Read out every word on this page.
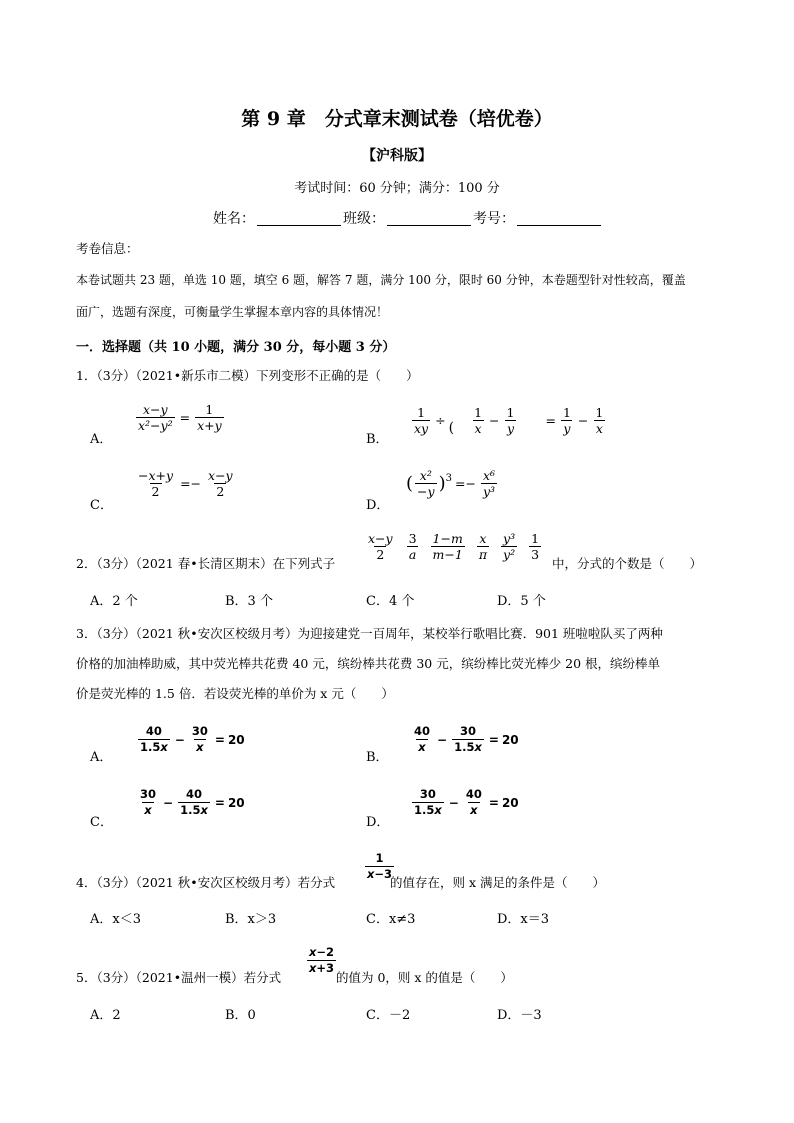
第 9 章　分式章末测试卷（培优卷）
【沪科版】
考试时间：60 分钟；满分：100 分
姓名：	班级：	考号：
考卷信息：
本卷试题共 23 题，单选 10 题，填空 6 题，解答 7 题，满分 100 分，限时 60 分钟，本卷题型针对性较高，覆盖
面广，选题有深度，可衡量学生掌握本章内容的具体情况！
一．选择题（共 10 小题，满分 30 分，每小题 3 分）
1．（3分）（2021•新乐市二模）下列变形不正确的是（　　）
A．
$\frac{x-y}{\text{x²−y²}} = \frac{1}{x+y}$
B．
$\frac{1}{xy}$ ÷ ( $\frac{1}{x} - \frac{1}{y} = \frac{1}{y} - \frac{1}{x}$
C．
$\frac{-x+y}{2} =- \frac{x-y}{2}$
D．
( $\frac{\text{x²}}{-y}$ ) $3 =- \frac{\text{x⁶}}{\text{y³}}$
2．（3分）（2021 春•长清区期末）在下列式子
$\frac{x-y}{2} \frac{3}{a} \frac{1-m}{m-1} \frac{x}{\pi} \frac{\text{y³}}{\text{y²}} \frac{1}{3}$
中，分式的个数是（　　）
A．2 个	B．3 个	C．4 个	D．5 个
3．（3分）（2021 秋•安次区校级月考）为迎接建党一百周年，某校举行歌唱比赛．901 班啦啦队买了两种
价格的加油棒助威，其中荧光棒共花费 40 元，缤纷棒共花费 30 元，缤纷棒比荧光棒少 20 根，缤纷棒单
价是荧光棒的 1.5 倍．若设荧光棒的单价为 x 元（　　）
A．
$\frac{40}{1.5x} - \frac{30}{x} = 20$
B．
$\frac{40}{x} - \frac{30}{1.5x} = 20$
C．
$\frac{30}{x} - \frac{40}{1.5x} = 20$
D．
$\frac{30}{1.5x} - \frac{40}{x} = 20$
4．（3分）（2021 秋•安次区校级月考）若分式
$\frac{1}{x-3}$
的值存在，则 x 满足的条件是（　　）
A．x＜3	B．x＞3	C．x≠3	D．x＝3
5．（3分）（2021•温州一模）若分式
$\frac{x-2}{x+3}$
的值为 0，则 x 的值是（　　）
A．2	B．0	C．－2	D．－3
